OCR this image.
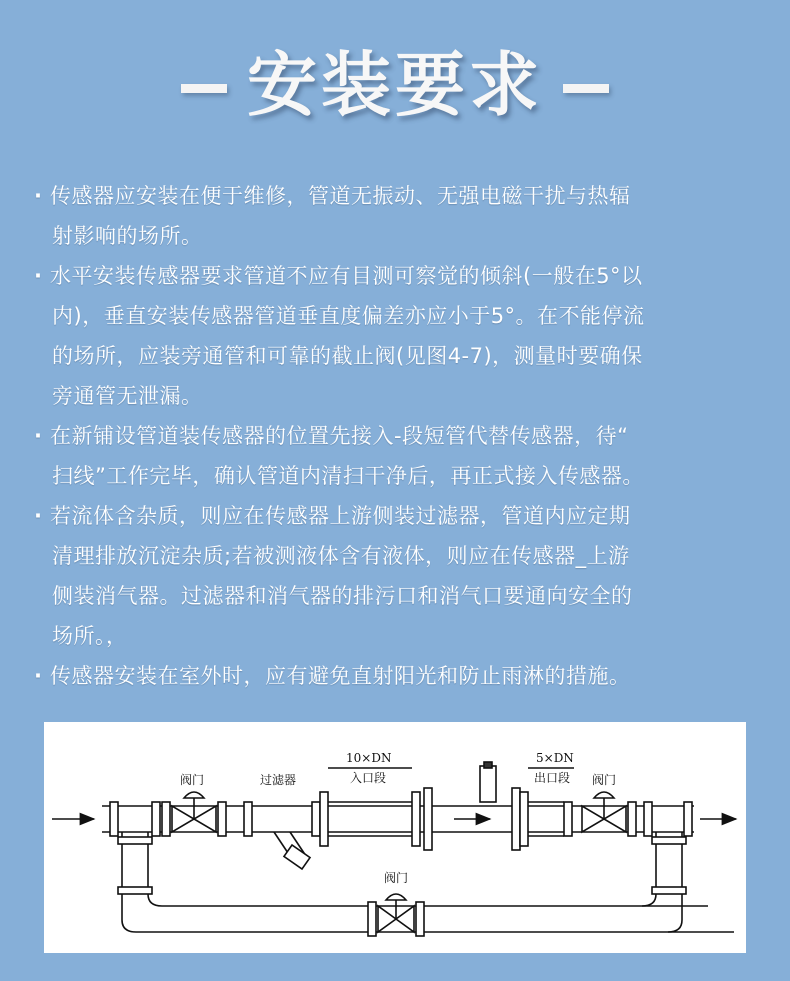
安装要求
· 传感器应安装在便于维修，管道无振动、无强电磁干扰与热辐
射影响的场所。
· 水平安装传感器要求管道不应有目测可察觉的倾斜(一般在5°以
内)，垂直安装传感器管道垂直度偏差亦应小于5°。在不能停流
的场所，应装旁通管和可靠的截止阀(见图4-7)，测量时要确保
旁通管无泄漏。
· 在新铺设管道装传感器的位置先接入-段短管代替传感器，待“
扫线”工作完毕，确认管道内清扫干净后，再正式接入传感器。
· 若流体含杂质，则应在传感器上游侧装过滤器，管道内应定期
清理排放沉淀杂质;若被测液体含有液体，则应在传感器_上游
侧装消气器。过滤器和消气器的排污口和消气口要通向安全的
场所。，
· 传感器安装在室外时，应有避免直射阳光和防止雨淋的措施。
阀门	过滤器
10×DN
入口段
5×DN
出口段 阀门
阀门
